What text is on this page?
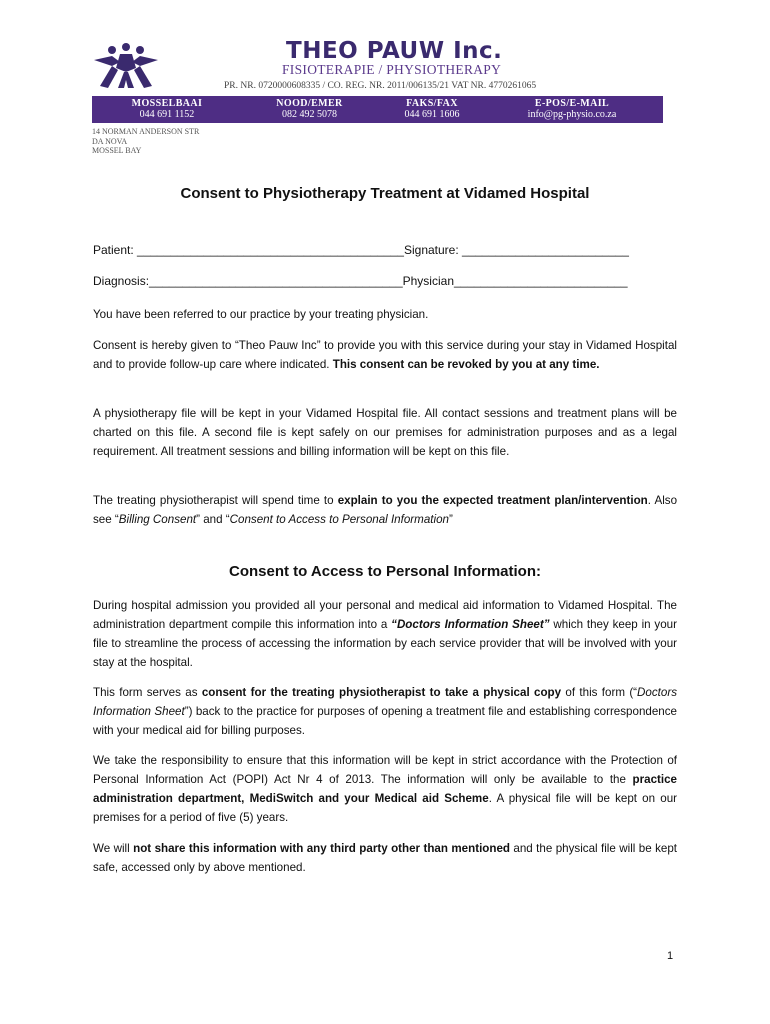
THEO PAUW Inc.
FISIOTERAPIE / PHYSIOTHERAPY
PR. NR. 0720000608335 / CO. REG. NR. 2011/006135/21 VAT NR. 4770261065
MOSSELBAAI
044 691 1152
NOOD/EMER
082 492 5078
FAKS/FAX
044 691 1606
E-POS/E-MAIL
info@pg-physio.co.za
14 NORMAN ANDERSON STR
DA NOVA
MOSSEL BAY
Consent to Physiotherapy Treatment at Vidamed Hospital
Patient: ________________________________________Signature: _________________________
Diagnosis:______________________________________Physician__________________________
You have been referred to our practice by your treating physician.
Consent is hereby given to “Theo Pauw Inc” to provide you with this service during your stay in Vidamed Hospital and to provide follow-up care where indicated. This consent can be revoked by you at any time.
A physiotherapy file will be kept in your Vidamed Hospital file. All contact sessions and treatment plans will be charted on this file. A second file is kept safely on our premises for administration purposes and as a legal requirement. All treatment sessions and billing information will be kept on this file.
The treating physiotherapist will spend time to explain to you the expected treatment plan/intervention. Also see “Billing Consent” and “Consent to Access to Personal Information”
Consent to Access to Personal Information:
During hospital admission you provided all your personal and medical aid information to Vidamed Hospital. The administration department compile this information into a “Doctors Information Sheet” which they keep in your file to streamline the process of accessing the information by each service provider that will be involved with your stay at the hospital.
This form serves as consent for the treating physiotherapist to take a physical copy of this form (“Doctors Information Sheet”) back to the practice for purposes of opening a treatment file and establishing correspondence with your medical aid for billing purposes.
We take the responsibility to ensure that this information will be kept in strict accordance with the Protection of Personal Information Act (POPI) Act Nr 4 of 2013. The information will only be available to the practice administration department, MediSwitch and your Medical aid Scheme. A physical file will be kept on our premises for a period of five (5) years.
We will not share this information with any third party other than mentioned and the physical file will be kept safe, accessed only by above mentioned.
1
